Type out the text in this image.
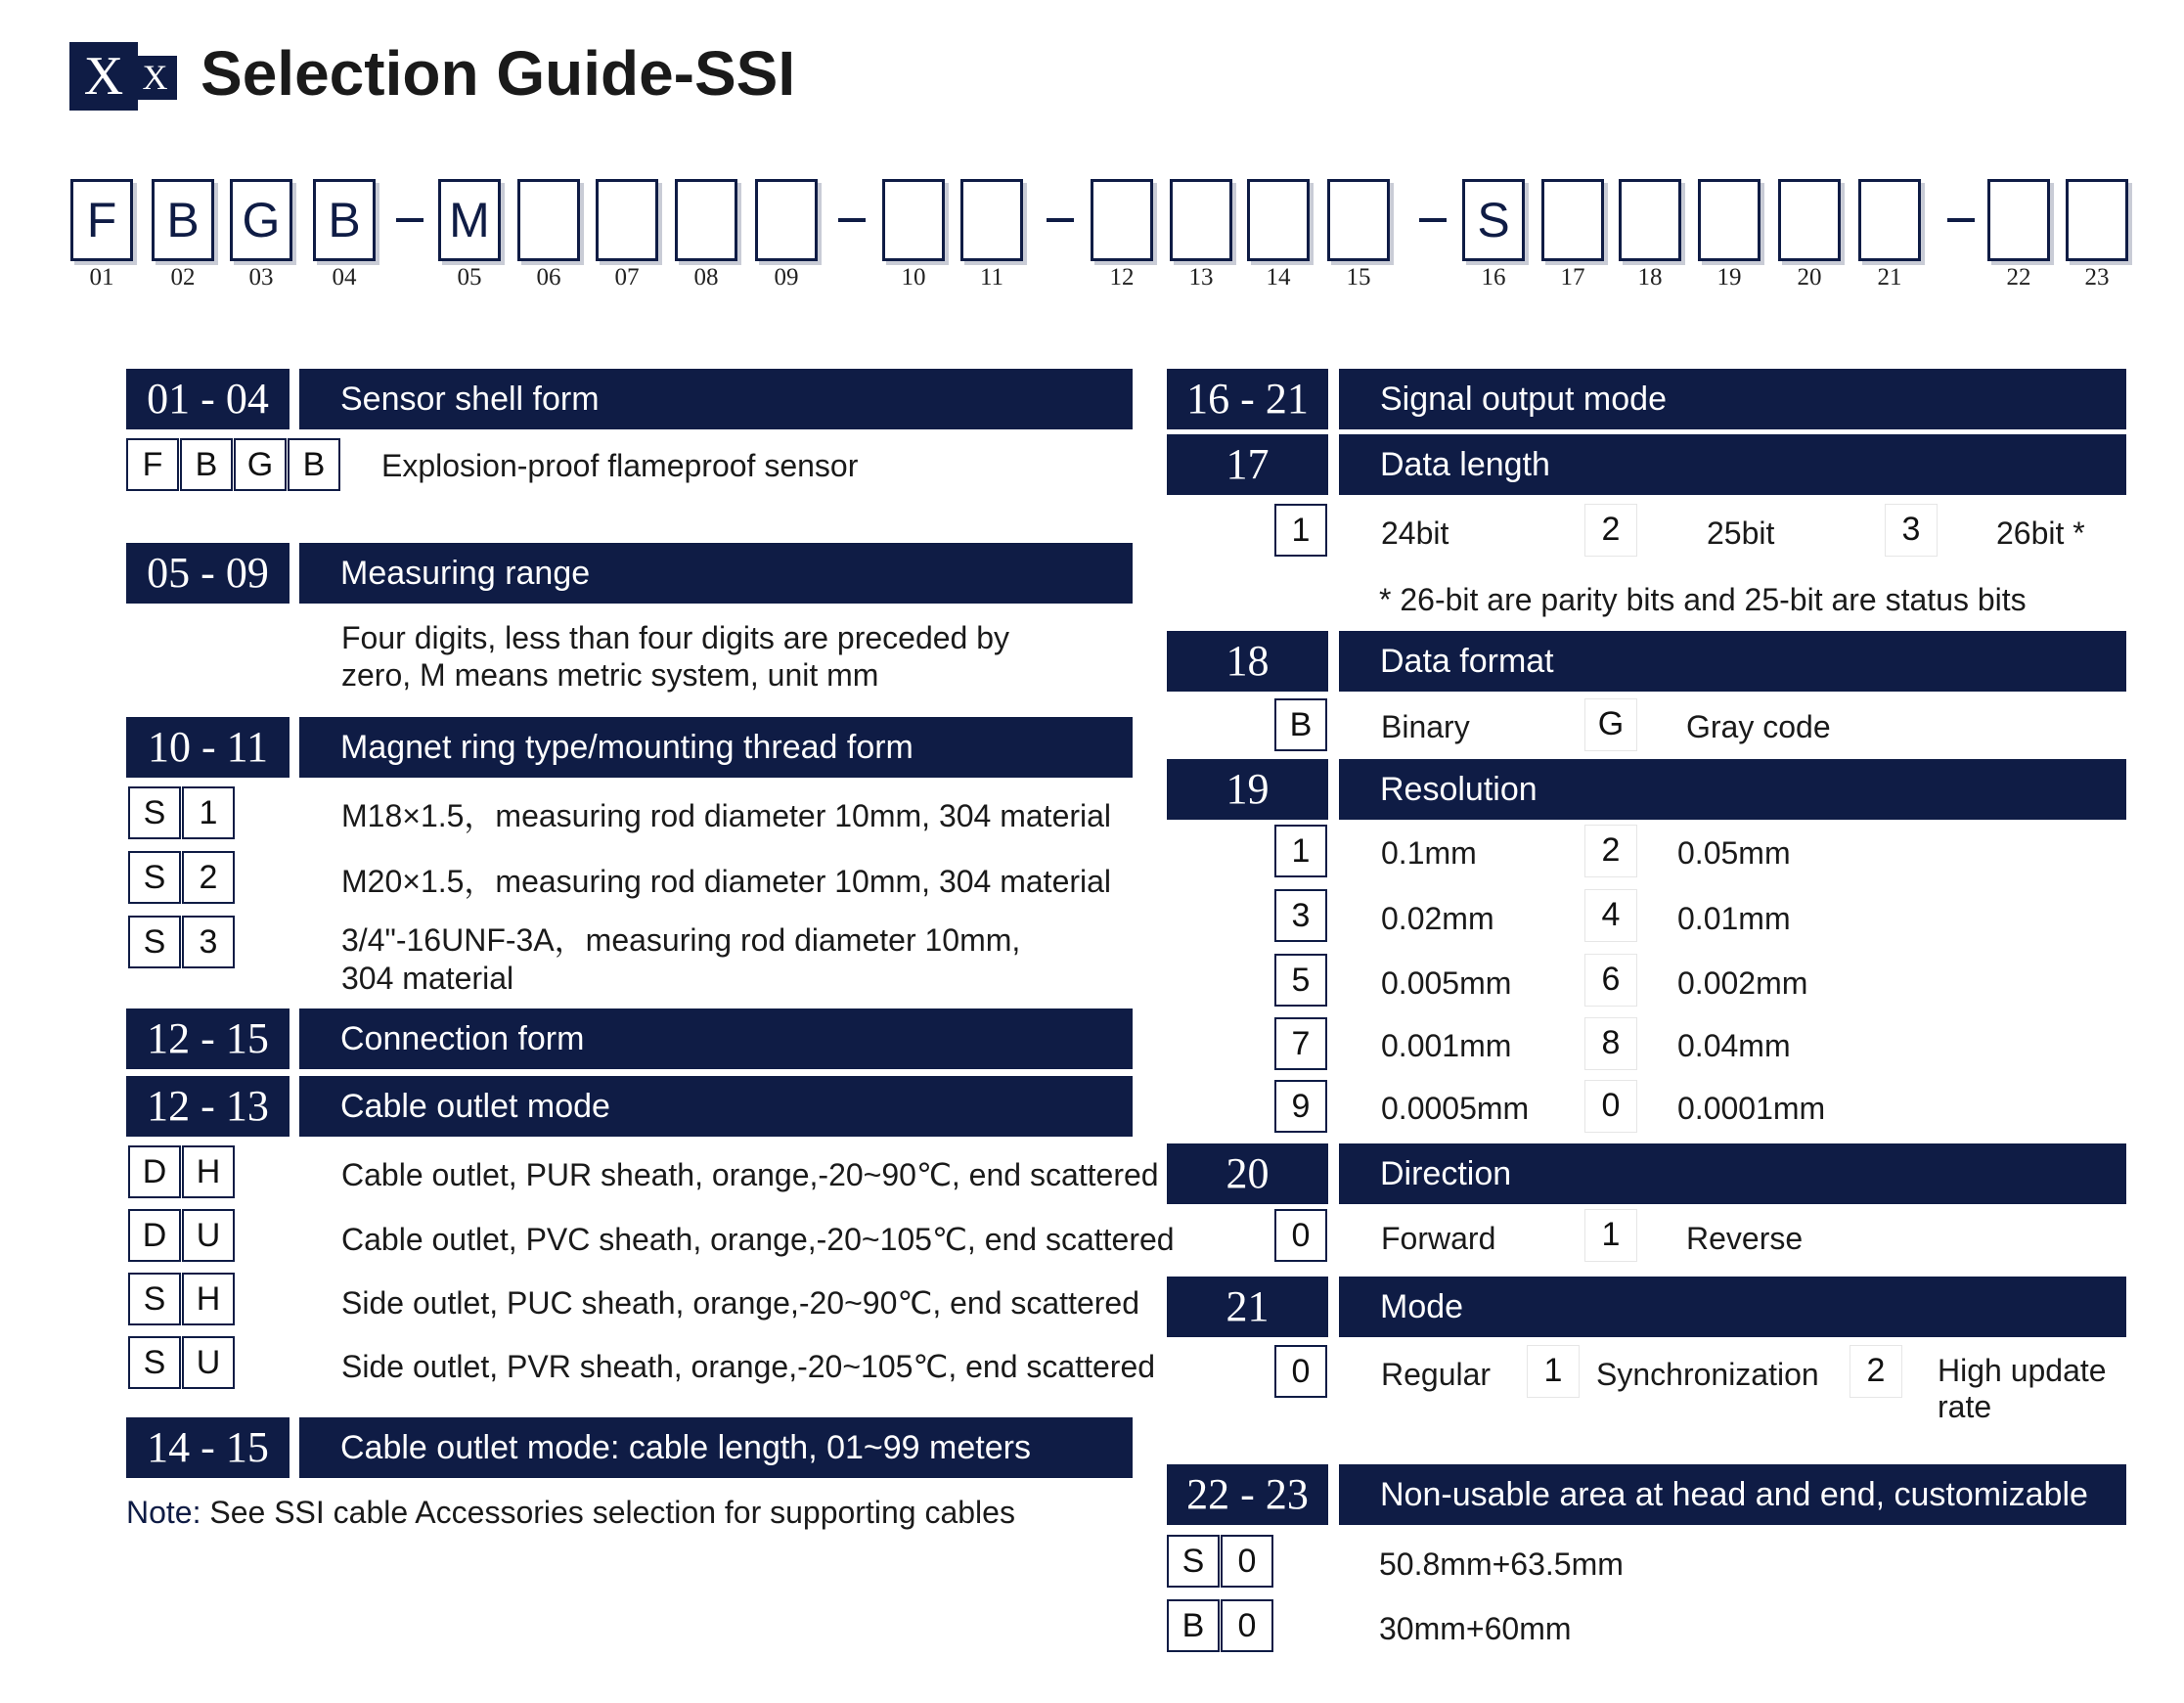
X X Selection Guide-SSI
F
01
B
02
G
03
B
04
M
05	06	07	08	09	10	11	12	13	14	15
S
16	17	18	19	20	21	22	23
01 - 04	Sensor shell form
F B G B	Explosion-proof flameproof sensor
05 - 09	Measuring range
Four digits, less than four digits are preceded by
zero, M means metric system, unit mm
10 - 11	Magnet ring type/mounting thread form
S	1	M18×1.5，measuring rod diameter 10mm, 304 material
S	2	M20×1.5，measuring rod diameter 10mm, 304 material
S	3	3/4"-16UNF-3A，measuring rod diameter 10mm,
304 material
12 - 15	Connection form
12 - 13	Cable outlet mode
D H	Cable outlet, PUR sheath, orange,-20~90℃, end scattered
D U	Cable outlet, PVC sheath, orange,-20~105℃, end scattered
S H	Side outlet, PUC sheath, orange,-20~90℃, end scattered
S U	Side outlet, PVR sheath, orange,-20~105℃, end scattered
14 - 15	Cable outlet mode: cable length, 01~99 meters
Note: See SSI cable Accessories selection for supporting cables
16 - 21	Signal output mode
17	Data length
1	24bit	2	25bit	3	26bit *
* 26-bit are parity bits and 25-bit are status bits
18	Data format
B	Binary	G	Gray code
19	Resolution
1	0.1mm	2	0.05mm
3	0.02mm	4	0.01mm
5	0.005mm	6	0.002mm
7	0.001mm	8	0.04mm
9	0.0005mm	0	0.0001mm
20	Direction
0	Forward	1	Reverse
21	Mode
0	Regular	1	Synchronization	2	High update
rate
22 - 23	Non-usable area at head and end, customizable
S	0	50.8mm+63.5mm
B	0	30mm+60mm
